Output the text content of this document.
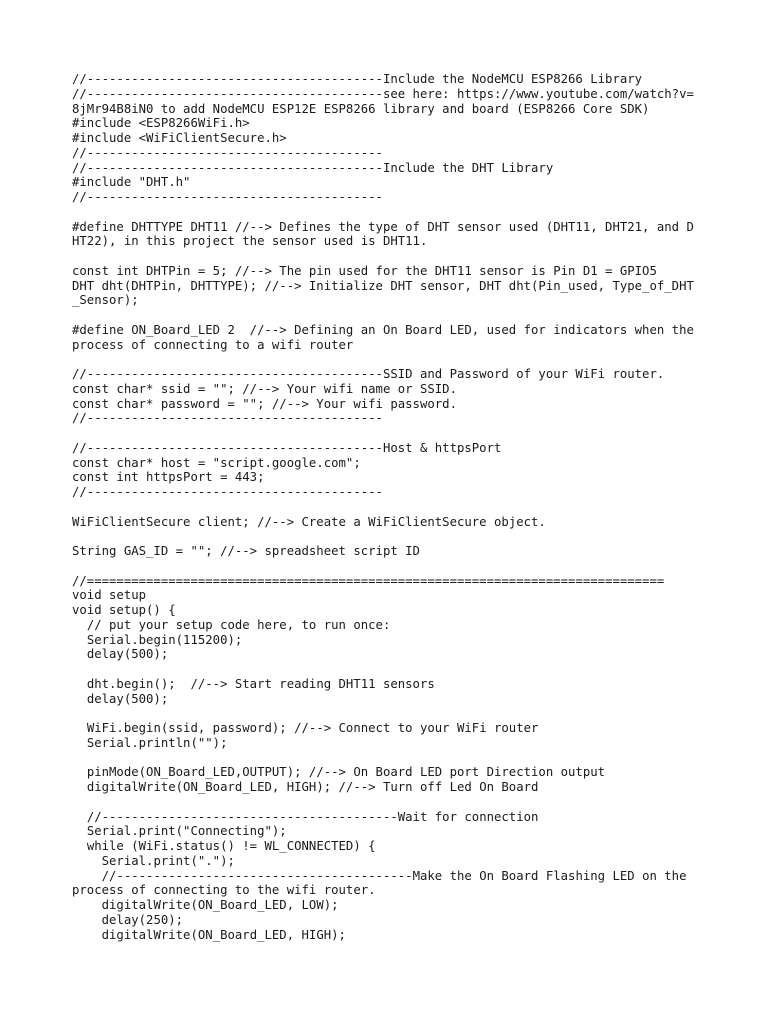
//----------------------------------------Include the NodeMCU ESP8266 Library
//----------------------------------------see here: https://www.youtube.com/watch?v=8jMr94B8iN0 to add NodeMCU ESP12E ESP8266 library and board (ESP8266 Core SDK)
#include <ESP8266WiFi.h>
#include <WiFiClientSecure.h>
//----------------------------------------
//----------------------------------------Include the DHT Library
#include "DHT.h"
//----------------------------------------
#define DHTTYPE DHT11 //--> Defines the type of DHT sensor used (DHT11, DHT21, and DHT22), in this project the sensor used is DHT11.
const int DHTPin = 5; //--> The pin used for the DHT11 sensor is Pin D1 = GPIO5
DHT dht(DHTPin, DHTTYPE); //--> Initialize DHT sensor, DHT dht(Pin_used, Type_of_DHT_Sensor);
#define ON_Board_LED 2  //--> Defining an On Board LED, used for indicators when the process of connecting to a wifi router
//----------------------------------------SSID and Password of your WiFi router.
const char* ssid = ""; //--> Your wifi name or SSID.
const char* password = ""; //--> Your wifi password.
//----------------------------------------
//----------------------------------------Host & httpsPort
const char* host = "script.google.com";
const int httpsPort = 443;
//----------------------------------------
WiFiClientSecure client; //--> Create a WiFiClientSecure object.
String GAS_ID = ""; //--> spreadsheet script ID
//==============================================================================
void setup
void setup() {
// put your setup code here, to run once:
Serial.begin(115200);
delay(500);
dht.begin();  //--> Start reading DHT11 sensors
delay(500);
WiFi.begin(ssid, password); //--> Connect to your WiFi router
Serial.println("");
pinMode(ON_Board_LED,OUTPUT); //--> On Board LED port Direction output
digitalWrite(ON_Board_LED, HIGH); //--> Turn off Led On Board
//----------------------------------------Wait for connection
Serial.print("Connecting");
while (WiFi.status() != WL_CONNECTED) {
Serial.print(".");
//----------------------------------------Make the On Board Flashing LED on the process of connecting to the wifi router.
digitalWrite(ON_Board_LED, LOW);
delay(250);
digitalWrite(ON_Board_LED, HIGH);
